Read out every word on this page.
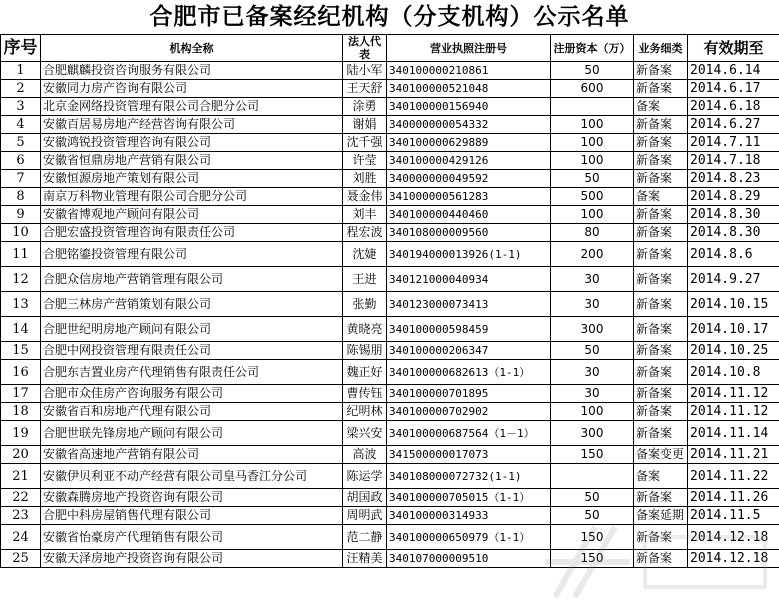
合肥市已备案经纪机构（分支机构）公示名单
序号	机构全称	法人代表	营业执照注册号	注册资本（万）	业务细类	有效期至
1	合肥麒麟投资咨询服务有限公司	陆小军	340100000210861	50	新备案	2014.6.14
2	安徽同力房产咨询有限公司	王天舒	340100000521048	600	新备案	2014.6.17
3	北京金网络投资管理有限公司合肥分公司	涂勇	340100000156940		备案	2014.6.18
4	安徽百居易房地产经营咨询有限公司	谢娟	340000000054332	100	新备案	2014.6.27
5	安徽鸿锐投资管理咨询有限公司	沈千强	340100000629889	100	新备案	2014.7.11
6	安徽省恒鼎房地产营销有限公司	许莹	340100000429126	100	新备案	2014.7.18
7	安徽恒源房地产策划有限公司	刘胜	340000000049592	50	新备案	2014.8.23
8	南京万科物业管理有限公司合肥分公司	聂金伟	341000000561283	500	备案	2014.8.29
9	安徽省博观地产顾问有限公司	刘丰	340100000440460	100	新备案	2014.8.30
10	合肥宏盛投资管理咨询有限责任公司	程宏波	340108000009560	80	新备案	2014.8.30
11	合肥铭鎏投资管理有限公司	沈婕	340194000013926(1-1)	200	新备案	2014.8.6
12	合肥众信房地产营销管理有限公司	王进	340121000040934	30	新备案	2014.9.27
13	合肥三林房产营销策划有限公司	张勤	340123000073413	30	新备案	2014.10.15
14	合肥世纪明房地产顾问有限公司	黄晓亮	340100000598459	300	新备案	2014.10.17
15	合肥中网投资管理有限责任公司	陈锡朋	340100000206347	50	新备案	2014.10.25
16	合肥东吉置业房产代理销售有限责任公司	魏正好	340100000682613（1-1）	30	新备案	2014.10.8
17	合肥市众佳房产咨询服务有限公司	曹传钰	340100000701895	30	新备案	2014.11.12
18	安徽省百和房地产代理有限公司	纪明林	340100000702902	100	新备案	2014.11.12
19	合肥世联先锋房地产顾问有限公司	梁兴安	340100000687564（1－1）	300	新备案	2014.11.14
20	安徽省高速地产营销有限公司	高波	341500000017073	150	备案变更	2014.11.21
21	安徽伊贝利亚不动产经营有限公司皇马香江分公司	陈运学	340108000072732(1-1)		备案	2014.11.22
22	安徽森腾房地产投资咨询有限公司	胡国政	340100000705015（1-1）	50	新备案	2014.11.26
23	合肥中科房屋销售代理有限公司	周明武	340100000314933	50	备案延期	2014.11.5
24	安徽省怡豪房产代理销售有限公司	范二静	340100000650979（1-1）	150	新备案	2014.12.18
25	安徽天泽房地产投资咨询有限公司	汪精美	340107000009510	150	新备案	2014.12.18
